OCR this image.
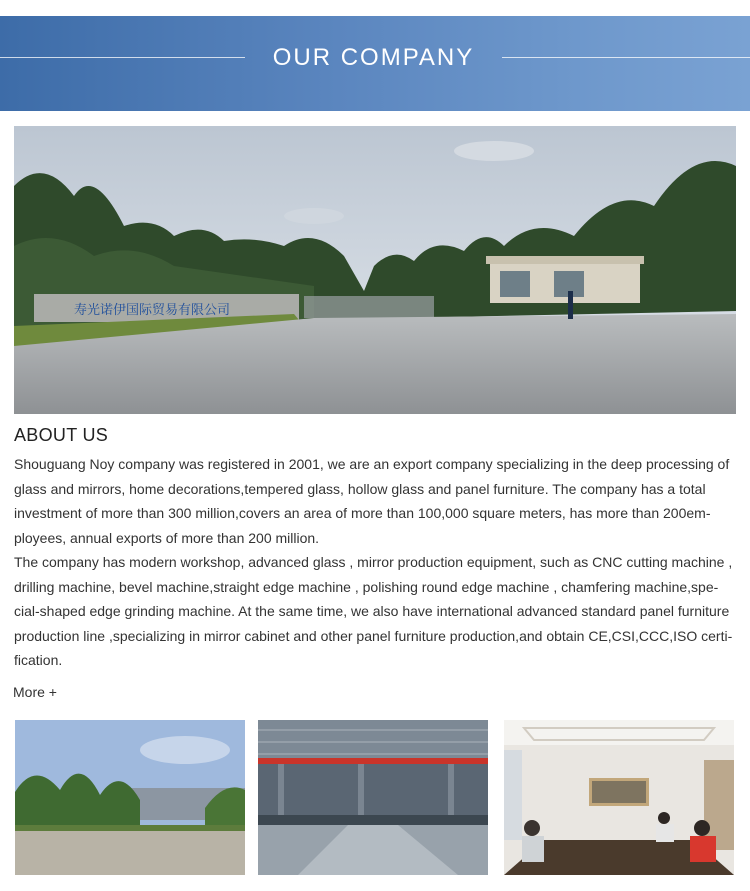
OUR COMPANY
寿光诺伊国际贸易有限公司
ABOUT US

Shouguang Noy company was registered in 2001, we are an export company specializing in the deep processing of

glass and mirrors, home decorations,tempered glass, hollow glass and panel furniture. The company has a total

investment of more than 300 million,covers an area of more than 100,000 square meters, has more than 200em-

ployees, annual exports of more than 200 million.

The company has modern workshop, advanced glass , mirror production equipment, such as CNC cutting machine ,

drilling machine, bevel machine,straight edge machine , polishing round edge machine , chamfering machine,spe-

cial-shaped edge grinding machine. At the same time, we also have international advanced standard panel furniture

production line ,specializing in mirror cabinet and other panel furniture production,and obtain CE,CSI,CCC,ISO certi-

fication.

More +
